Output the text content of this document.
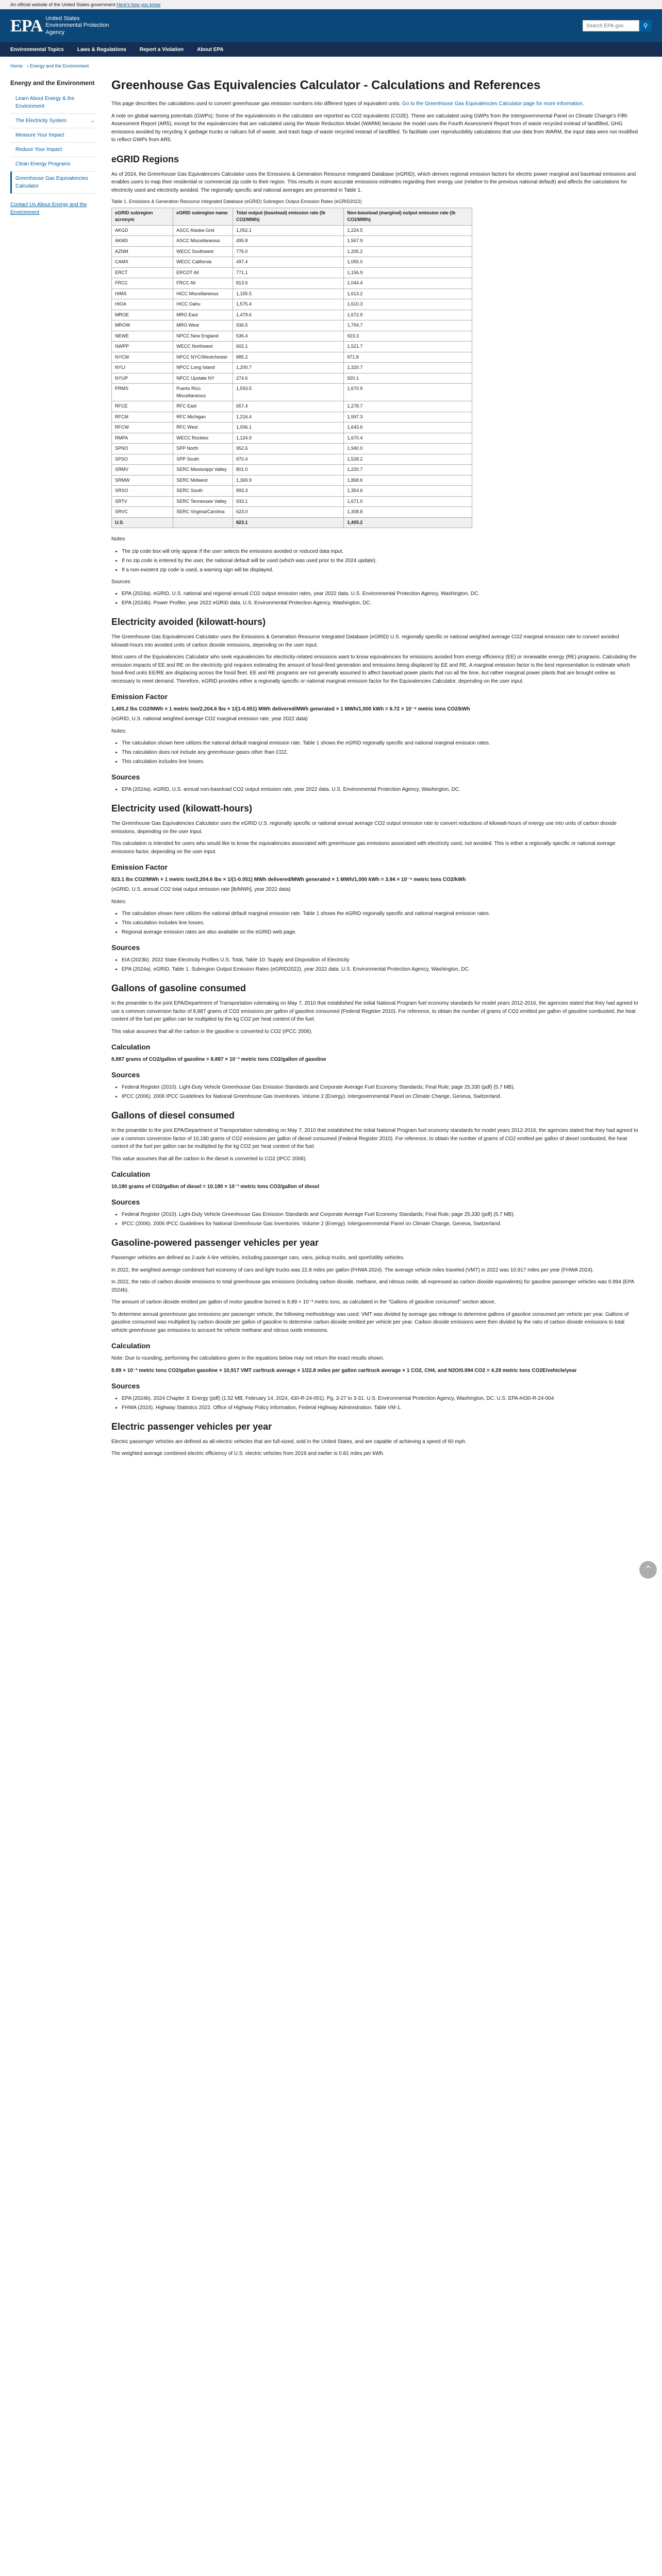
An official website of the United States government Here's how you know
EPA United States
Environmental Protection
Agency
Search EPA.gov
⚲
Environmental Topics	Laws & Regulations	Report a Violation	About EPA
Home › Energy and the Environment
Energy and the Environment
Learn About Energy & the Environment
The Electricity System	⌄
Measure Your Impact
Reduce Your Impact
Clean Energy Programs
Greenhouse Gas Equivalencies Calculator
Contact Us About Energy and the Environment
Greenhouse Gas Equivalencies Calculator - Calculations and References

This page describes the calculations used to convert greenhouse gas emission numbers into different types of equivalent units. Go to the Greenhouse Gas Equivalencies Calculator page for more information.

A note on global warming potentials (GWPs): Some of the equivalencies in the calculator are reported as CO2 equivalents (CO2E). These are calculated using GWPs from the Intergovernmental Panel on Climate Change's Fifth Assessment Report (AR5), except for the equivalencies that are calculated using the Waste Reduction Model (WARM) because the model uses the Fourth Assessment Report from of waste recycled instead of landfilled, GHG emissions avoided by recycling X garbage trucks or railcars full of waste, and trash bags of waste recycled instead of landfilled. To facilitate user reproducibility calculations that use data from WARM, the input data were not modified to reflect GWPs from AR5.

eGRID Regions

As of 2024, the Greenhouse Gas Equivalencies Calculator uses the Emissions & Generation Resource Integrated Database (eGRID), which derives regional emission factors for electric power marginal and baseload emissions and enables users to map their residential or commercial zip code to their region. This results in more accurate emissions estimates regarding their energy use (relative to the previous national default) and affects the calculations for electricity used and electricity avoided. The regionally specific and national averages are presented in Table 1.

Table 1. Emissions & Generation Resource Integrated Database (eGRID) Subregion Output Emission Rates (eGRID2022)
eGRID subregion acronym	eGRID subregion name	Total output (baseload) emission rate (lb CO2/MWh)	Non-baseload (marginal) output emission rate (lb CO2/MWh)
AKGD	ASCC Alaska Grid	1,052.1	1,224.5
AKMS	ASCC Miscellaneous	495.8	1,567.9
AZNM	WECC Southwest	776.0	1,205.2
CAMX	WECC California	497.4	1,055.0
ERCT	ERCOT All	771.1	1,156.9
FRCC	FRCC All	813.6	1,044.4
HIMS	HICC Miscellaneous	1,155.5	1,613.2
HIOA	HICC Oahu	1,575.4	1,610.3
MROE	MRO East	1,479.6	1,672.9
MROW	MRO West	936.5	1,794.7
NEWE	NPCC New England	536.4	923.3
NWPP	WECC Northwest	602.1	1,521.7
NYCW	NPCC NYC/Westchester	885.2	971.8
NYLI	NPCC Long Island	1,200.7	1,320.7
NYUP	NPCC Upstate NY	274.6	920.1
PRMS	Puerto Rico Miscellaneous	1,593.5	1,670.9
RFCE	RFC East	657.4	1,278.7
RFCM	RFC Michigan	1,216.4	1,597.3
RFCW	RFC West	1,006.1	1,643.6
RMPA	WECC Rockies	1,124.9	1,670.4
SPNO	SPP North	952.6	1,940.0
SPSO	SPP South	970.4	1,528.2
SRMV	SERC Mississippi Valley	801.0	1,220.7
SRMW	SERC Midwest	1,369.9	1,868.6
SRSO	SERC South	893.3	1,354.6
SRTV	SERC Tennessee Valley	933.1	1,671.0
SRVC	SERC Virginia/Carolina	623.0	1,308.8
U.S.		823.1	1,405.2

Notes

• The zip code box will only appear if the user selects the emissions avoided or reduced data input.
• If no zip code is entered by the user, the national default will be used (which was used prior to the 2024 update).
• If a non-existent zip code is used, a warning sign will be displayed.

Sources

• EPA (2024a). eGRID, U.S. national and regional annual CO2 output emission rates, year 2022 data. U.S. Environmental Protection Agency, Washington, DC.
• EPA (2024b). Power Profiler, year 2022 eGRID data, U.S. Environmental Protection Agency, Washington, DC.
Electricity avoided (kilowatt-hours)

The Greenhouse Gas Equivalencies Calculator uses the Emissions & Generation Resource Integrated Database (eGRID) U.S. regionally specific or national weighted average CO2 marginal emission rate to convert avoided kilowatt-hours into avoided units of carbon dioxide emissions, depending on the user input.

Most users of the Equivalencies Calculator who seek equivalencies for electricity-related emissions want to know equivalencies for emissions avoided from energy efficiency (EE) or renewable energy (RE) programs. Calculating the emission impacts of EE and RE on the electricity grid requires estimating the amount of fossil-fired generation and emissions being displaced by EE and RE. A marginal emission factor is the best representation to estimate which fossil-fired units EE/RE are displacing across the fossil fleet. EE and RE programs are not generally assumed to affect baseload power plants that run all the time, but rather marginal power plants that are brought online as necessary to meet demand. Therefore, eGRID provides either a regionally specific or national marginal emission factor for the Equivalencies Calculator, depending on the user input.

Emission Factor
1,405.2 lbs CO2/MWh × 1 metric ton/2,204.6 lbs × 1/(1-0.051) MWh delivered/MWh generated × 1 MWh/1,000 kWh = 6.72 × 10⁻⁴ metric tons CO2/kWh

(eGRID, U.S. national weighted average CO2 marginal emission rate, year 2022 data)

Notes:

• The calculation shown here utilizes the national default marginal emission rate. Table 1 shows the eGRID regionally specific and national marginal emission rates.
• This calculation does not include any greenhouse gases other than CO2.
• This calculation includes line losses.
Sources
• EPA (2024a). eGRID, U.S. annual non-baseload CO2 output emission rate, year 2022 data. U.S. Environmental Protection Agency, Washington, DC.
Electricity used (kilowatt-hours)

The Greenhouse Gas Equivalencies Calculator uses the eGRID U.S. regionally specific or national annual average CO2 output emission rate to convert reductions of kilowatt-hours of energy use into units of carbon dioxide emissions, depending on the user input.

This calculation is intended for users who would like to know the equivalencies associated with greenhouse gas emissions associated with electricity used, not avoided. This is either a regionally specific or national average emissions factor, depending on the user input.

Emission Factor
823.1 lbs CO2/MWh × 1 metric ton/2,204.6 lbs × 1/(1-0.051) MWh delivered/MWh generated × 1 MWh/1,000 kWh = 3.94 × 10⁻⁴ metric tons CO2/kWh

(eGRID, U.S. annual CO2 total output emission rate [lb/MWh], year 2022 data)

Notes:

• The calculation shown here utilizes the national default marginal emission rate. Table 1 shows the eGRID regionally specific and national marginal emission rates.
• This calculation includes line losses.
• Regional average emission rates are also available on the eGRID web page.
Sources
• EIA (2023b). 2022 State Electricity Profiles U.S. Total, Table 10: Supply and Disposition of Electricity
• EPA (2024a). eGRID, Table 1. Subregion Output Emission Rates (eGRID2022), year 2022 data. U.S. Environmental Protection Agency, Washington, DC.
Gallons of gasoline consumed

In the preamble to the joint EPA/Department of Transportation rulemaking on May 7, 2010 that established the initial National Program fuel economy standards for model years 2012-2016, the agencies stated that they had agreed to use a common conversion factor of 8,887 grams of CO2 emissions per gallon of gasoline consumed (Federal Register 2010). For reference, to obtain the number of grams of CO2 emitted per gallon of gasoline combusted, the heat content of the fuel per gallon can be multiplied by the kg CO2 per heat content of the fuel.

This value assumes that all the carbon in the gasoline is converted to CO2 (IPCC 2006).

Calculation
8,887 grams of CO2/gallon of gasoline = 8.887 × 10⁻³ metric tons CO2/gallon of gasoline
Sources
• Federal Register (2010). Light-Duty Vehicle Greenhouse Gas Emission Standards and Corporate Average Fuel Economy Standards; Final Rule; page 25,330 (pdf) (5.7 MB).
• IPCC (2006). 2006 IPCC Guidelines for National Greenhouse Gas Inventories. Volume 2 (Energy). Intergovernmental Panel on Climate Change, Geneva, Switzerland.
Gallons of diesel consumed

In the preamble to the joint EPA/Department of Transportation rulemaking on May 7, 2010 that established the initial National Program fuel economy standards for model years 2012-2016, the agencies stated that they had agreed to use a common conversion factor of 10,180 grams of CO2 emissions per gallon of diesel consumed (Federal Register 2010). For reference, to obtain the number of grams of CO2 emitted per gallon of diesel combusted, the heat content of the fuel per gallon can be multiplied by the kg CO2 per heat content of the fuel.

This value assumes that all the carbon in the diesel is converted to CO2 (IPCC 2006).

Calculation
10,180 grams of CO2/gallon of diesel = 10.180 × 10⁻³ metric tons CO2/gallon of diesel
Sources
• Federal Register (2010). Light-Duty Vehicle Greenhouse Gas Emission Standards and Corporate Average Fuel Economy Standards; Final Rule; page 25,330 (pdf) (5.7 MB).
• IPCC (2006). 2006 IPCC Guidelines for National Greenhouse Gas Inventories. Volume 2 (Energy). Intergovernmental Panel on Climate Change, Geneva, Switzerland.
Gasoline-powered passenger vehicles per year

Passenger vehicles are defined as 2-axle 4-tire vehicles, including passenger cars, vans, pickup trucks, and sport/utility vehicles.

In 2022, the weighted average combined fuel economy of cars and light trucks was 22.8 miles per gallon (FHWA 2024). The average vehicle miles traveled (VMT) in 2022 was 10,917 miles per year (FHWA 2024).

In 2022, the ratio of carbon dioxide emissions to total greenhouse gas emissions (including carbon dioxide, methane, and nitrous oxide, all expressed as carbon dioxide equivalents) for gasoline passenger vehicles was 0.994 (EPA 2024b).

The amount of carbon dioxide emitted per gallon of motor gasoline burned is 8.89 × 10⁻³ metric tons, as calculated in the "Gallons of gasoline consumed" section above.

To determine annual greenhouse gas emissions per passenger vehicle, the following methodology was used: VMT was divided by average gas mileage to determine gallons of gasoline consumed per vehicle per year. Gallons of gasoline consumed was multiplied by carbon dioxide per gallon of gasoline to determine carbon dioxide emitted per vehicle per year. Carbon dioxide emissions were then divided by the ratio of carbon dioxide emissions to total vehicle greenhouse gas emissions to account for vehicle methane and nitrous oxide emissions.

Calculation

Note: Due to rounding, performing the calculations given in the equations below may not return the exact results shown.

8.89 × 10⁻³ metric tons CO2/gallon gasoline × 10,917 VMT car/truck average × 1/22.8 miles per gallon car/truck average × 1 CO2, CH4, and N2O/0.994 CO2 = 4.29 metric tons CO2E/vehicle/year
Sources
• EPA (2024b). 2024 Chapter 3: Energy (pdf) (1.52 MB, February 14, 2024, 430-R-24-001). Pg. 3-27 to 3-31. U.S. Environmental Protection Agency, Washington, DC. U.S. EPA #430-R-24-004
• FHWA (2024). Highway Statistics 2022. Office of Highway Policy Information, Federal Highway Administration. Table VM-1.
Electric passenger vehicles per year

Electric passenger vehicles are defined as all-electric vehicles that are full-sized, sold in the United States, and are capable of achieving a speed of 60 mph.

The weighted average combined electric efficiency of U.S. electric vehicles from 2019 and earlier is 0.81 miles per kWh.

⌃
